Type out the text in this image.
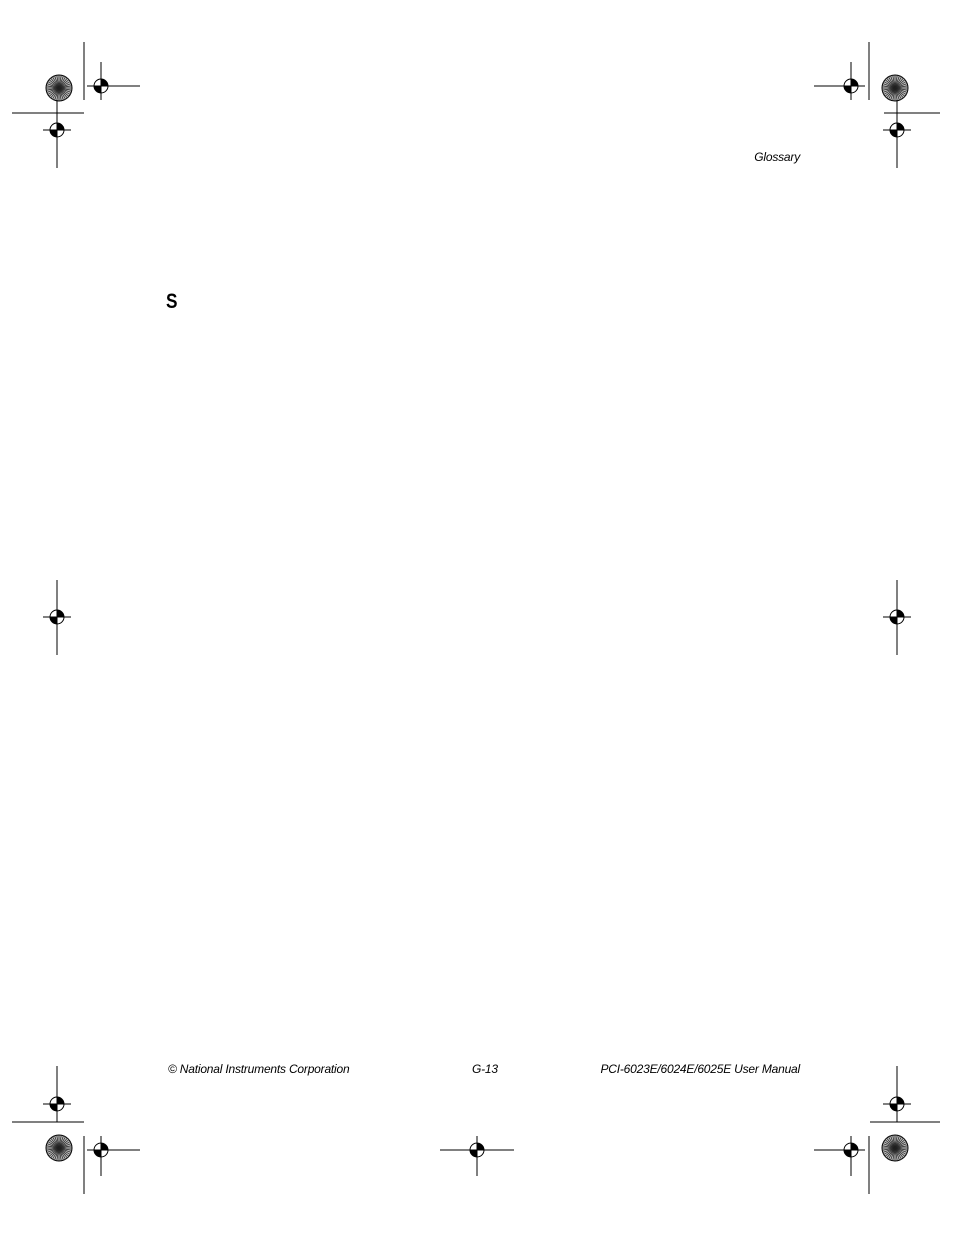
Glossary
S
© National Instruments Corporation	G-13	PCI-6023E/6024E/6025E User Manual
